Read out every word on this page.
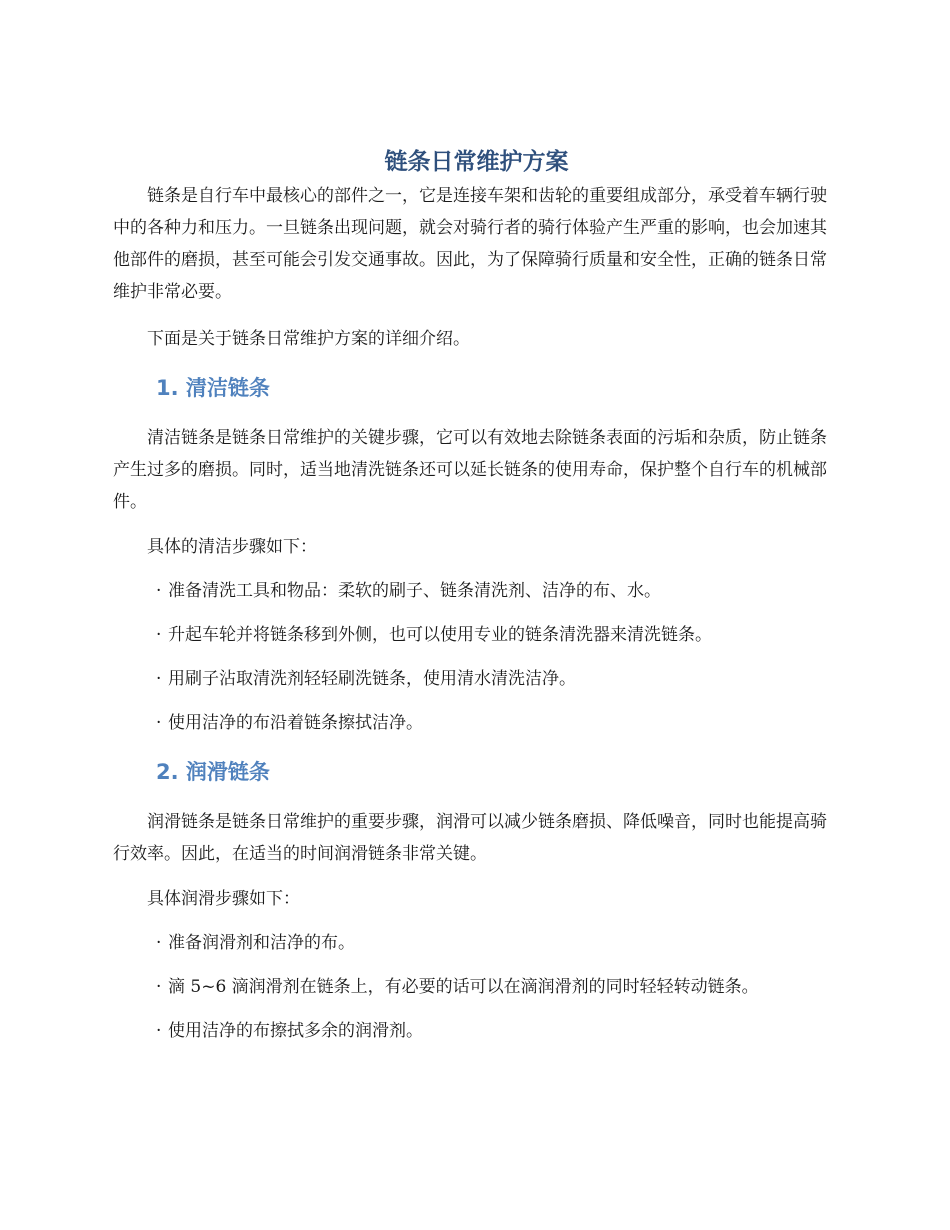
链条日常维护方案

链条是自行车中最核心的部件之一，它是连接车架和齿轮的重要组成部分，承受着车辆行驶中的各种力和压力。一旦链条出现问题，就会对骑行者的骑行体验产生严重的影响，也会加速其他部件的磨损，甚至可能会引发交通事故。因此，为了保障骑行质量和安全性，正确的链条日常维护非常必要。

下面是关于链条日常维护方案的详细介绍。

1. 清洁链条

清洁链条是链条日常维护的关键步骤，它可以有效地去除链条表面的污垢和杂质，防止链条产生过多的磨损。同时，适当地清洗链条还可以延长链条的使用寿命，保护整个自行车的机械部件。

具体的清洁步骤如下：

· 准备清洗工具和物品：柔软的刷子、链条清洗剂、洁净的布、水。
· 升起车轮并将链条移到外侧，也可以使用专业的链条清洗器来清洗链条。
· 用刷子沾取清洗剂轻轻刷洗链条，使用清水清洗洁净。
· 使用洁净的布沿着链条擦拭洁净。
2. 润滑链条

润滑链条是链条日常维护的重要步骤，润滑可以减少链条磨损、降低噪音，同时也能提高骑行效率。因此，在适当的时间润滑链条非常关键。

具体润滑步骤如下：

· 准备润滑剂和洁净的布。
· 滴 5~6 滴润滑剂在链条上，有必要的话可以在滴润滑剂的同时轻轻转动链条。
· 使用洁净的布擦拭多余的润滑剂。
